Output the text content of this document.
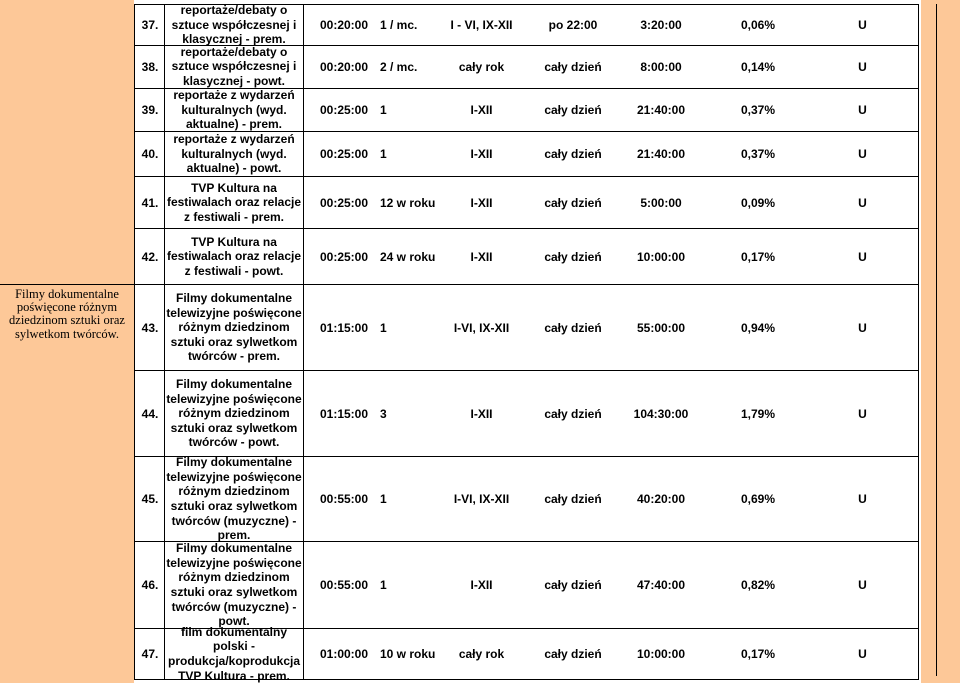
Filmy dokumentalne poświęcone różnym dziedzinom sztuki oraz sylwetkom twórców.
37.
reportaże/debaty o sztuce współczesnej i klasycznej - prem.
00:20:00 1 / mc.	I - VI, IX-XII	po 22:00	3:20:00	0,06%	U
38.
reportaże/debaty o sztuce współczesnej i klasycznej - powt.
00:20:00 2 / mc.	cały rok	cały dzień	8:00:00	0,14%	U
39.
reportaże z wydarzeń kulturalnych (wyd. aktualne) - prem.
00:25:00 1	I-XII	cały dzień	21:40:00	0,37%	U
40.
reportaże z wydarzeń kulturalnych (wyd. aktualne) - powt.
00:25:00 1	I-XII	cały dzień	21:40:00	0,37%	U
41.
TVP Kultura na festiwalach oraz relacje z festiwali - prem.
00:25:00 12 w roku	I-XII	cały dzień	5:00:00	0,09%	U
42.
TVP Kultura na festiwalach oraz relacje z festiwali - powt.
00:25:00 24 w roku	I-XII	cały dzień	10:00:00	0,17%	U
43.
Filmy dokumentalne telewizyjne poświęcone różnym dziedzinom sztuki oraz sylwetkom twórców - prem.
01:15:00 1	I-VI, IX-XII	cały dzień	55:00:00	0,94%	U
44.
Filmy dokumentalne telewizyjne poświęcone różnym dziedzinom sztuki oraz sylwetkom twórców - powt.
01:15:00 3	I-XII	cały dzień	104:30:00	1,79%	U
45.
Filmy dokumentalne telewizyjne poświęcone różnym dziedzinom sztuki oraz sylwetkom twórców (muzyczne) - prem.
00:55:00 1	I-VI, IX-XII	cały dzień	40:20:00	0,69%	U
46.
Filmy dokumentalne telewizyjne poświęcone różnym dziedzinom sztuki oraz sylwetkom twórców (muzyczne) - powt.
00:55:00 1	I-XII	cały dzień	47:40:00	0,82%	U
47.
film dokumentalny polski - produkcja/koprodukcja TVP Kultura - prem.
01:00:00 10 w roku	cały rok	cały dzień	10:00:00	0,17%	U
